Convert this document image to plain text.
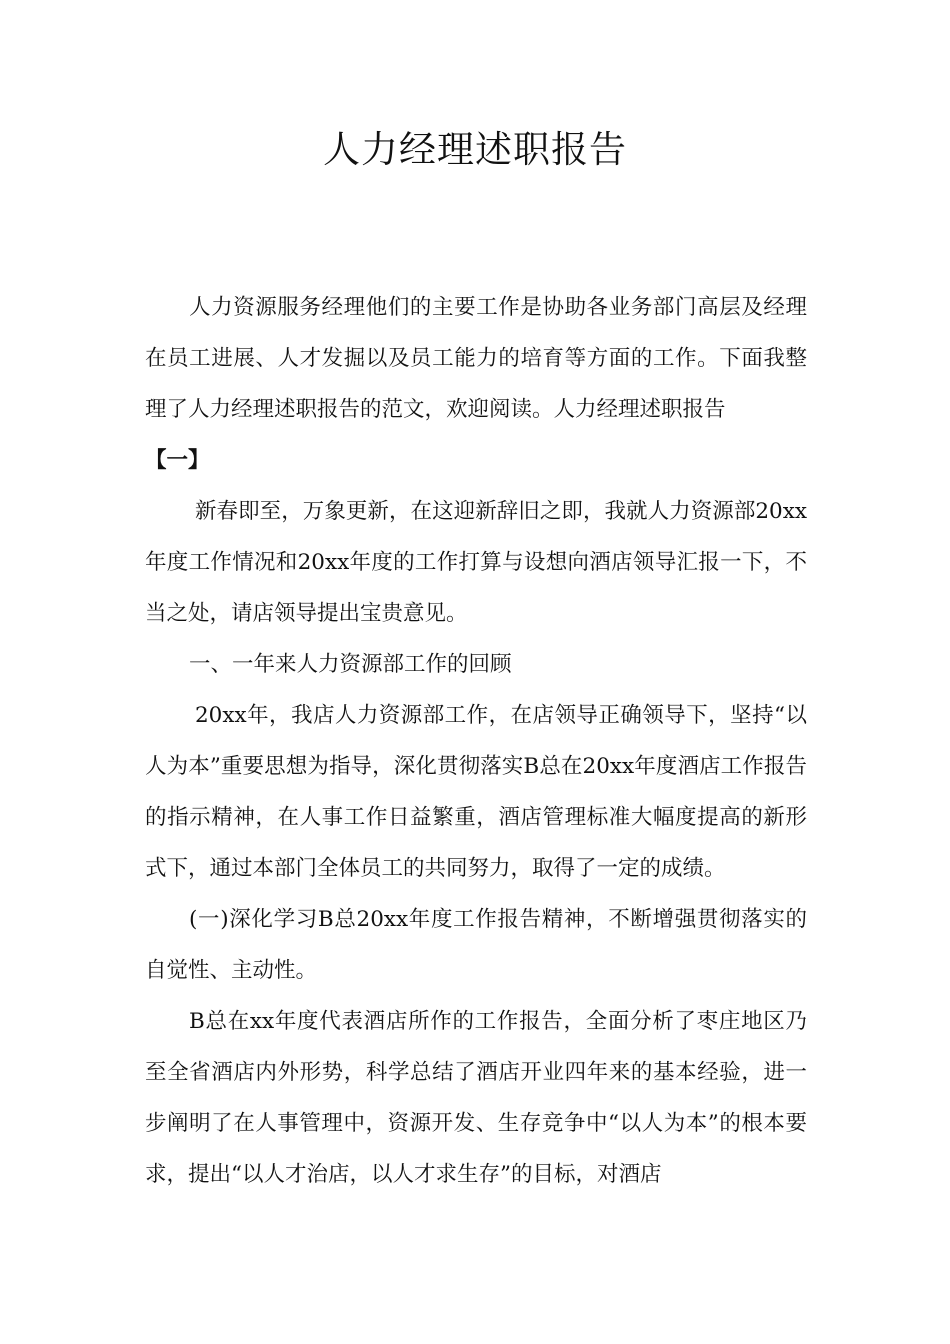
人力经理述职报告

人力资源服务经理他们的主要工作是协助各业务部门高层及经理在员工进展、人才发掘以及员工能力的培育等方面的工作。下面我整理了人力经理述职报告的范文，欢迎阅读。人力经理述职报告

【一】

新春即至，万象更新，在这迎新辞旧之即，我就人力资源部20xx年度工作情况和20xx年度的工作打算与设想向酒店领导汇报一下，不当之处，请店领导提出宝贵意见。

一、一年来人力资源部工作的回顾

20xx年，我店人力资源部工作，在店领导正确领导下，坚持“以人为本”重要思想为指导，深化贯彻落实B总在20xx年度酒店工作报告的指示精神，在人事工作日益繁重，酒店管理标准大幅度提高的新形式下，通过本部门全体员工的共同努力，取得了一定的成绩。

(一)深化学习B总20xx年度工作报告精神，不断增强贯彻落实的自觉性、主动性。

B总在xx年度代表酒店所作的工作报告，全面分析了枣庄地区乃至全省酒店内外形势，科学总结了酒店开业四年来的基本经验，进一步阐明了在人事管理中，资源开发、生存竞争中“以人为本”的根本要求，提出“以人才治店，以人才求生存”的目标，对酒店
